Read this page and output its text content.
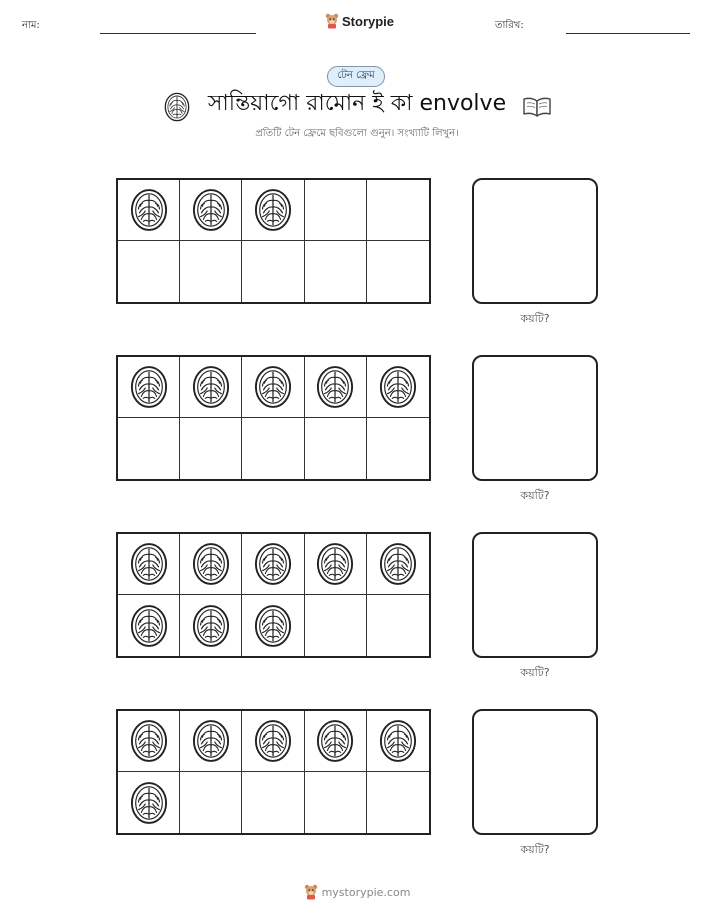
নাম:	Storypie	তারিখ:
টেন ফ্রেম
সান্তিয়াগো রামোন ই কা envolve
প্রতিটি টেন ফ্রেমে ছবিগুলো গুনুন। সংখ্যাটি লিখুন।
কয়টি?
কয়টি?
কয়টি?
কয়টি?
mystorypie.com
